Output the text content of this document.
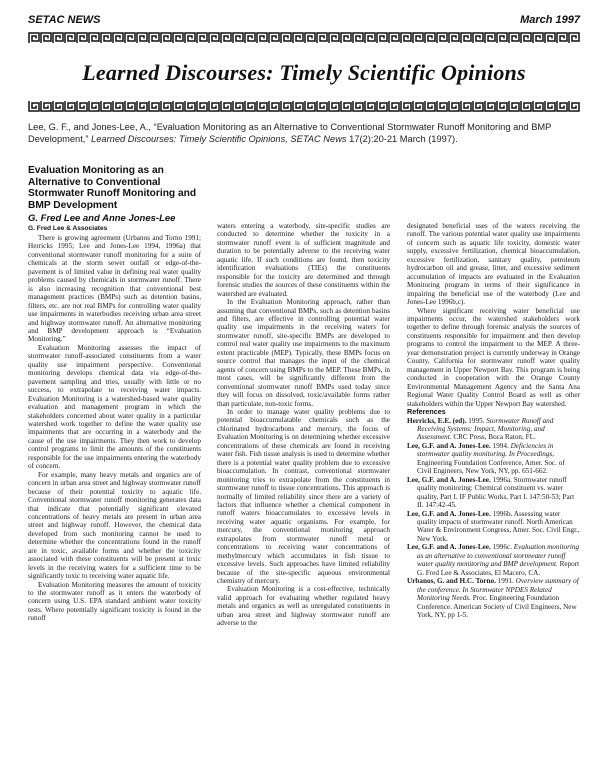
SETAC NEWS	March 1997
Learned Discourses: Timely Scientific Opinions
Lee, G. F., and Jones-Lee, A., “Evaluation Monitoring as an Alternative to Conventional Stormwater Runoff Monitoring and BMP Development,” Learned Discourses: Timely Scientific Opinions, SETAC News 17(2):20-21 March (1997).
Evaluation Monitoring as an Alternative to Conventional Stormwater Runoff Monitoring and BMP Development
G. Fred Lee and Anne Jones-Lee
G. Fred Lee & Associates

There is growing agreement (Urbanos and Torno 1991; Herricks 1995; Lee and Jones-Lee 1994, 1996a) that conventional stormwater runoff monitoring for a suite of chemicals at the storm sewer outfall or edge-of-the-pavement is of limited value in defining real water quality problems caused by chemicals in stormwater runoff. There is also increasing recognition that conventional best management practices (BMPs) such as detention basins, filters, etc. are not real BMPs for controlling water quality use impairments in waterbodies receiving urban area street and highway stormwater runoff. An alternative monitoring and BMP development approach is “Evaluation Monitoring.”

Evaluation Monitoring assesses the impact of stormwater runoff-associated constituents from a water quality use impairment perspective. Conventional monitoring develops chemical data via edge-of-the-pavement sampling and tries, usually with little or no success, to extrapolate to receiving water impacts. Evaluation Monitoring is a watershed-based water quality evaluation and management program in which the stakeholders concerned about water quality in a particular watershed work together to define the water quality use impairments that are occurring in a waterbody and the cause of the use impairments. They then work to develop control programs to limit the amounts of the constituents responsible for the use impairments entering the waterbody of concern.

For example, many heavy metals and organics are of concern in urban area street and highway stormwater runoff because of their potential toxicity to aquatic life. Conventional stormwater runoff monitoring generates data that indicate that potentially significant elevated concentrations of heavy metals are present in urban area street and highway runoff. However, the chemical data developed from such monitoring cannot be used to determine whether the concentrations found in the runoff are in toxic, available forms and whether the toxicity associated with these constituents will be present at toxic levels in the receiving waters for a sufficient time to be significantly toxic to receiving water aquatic life.

Evaluation Monitoring measures the amount of toxicity to the stormwater runoff as it enters the waterbody of concern using U.S. EPA standard ambient water toxicity tests. Where potentially significant toxicity is found in the runoff

waters entering a waterbody, site-specific studies are conducted to determine whether the toxicity in a stormwater runoff event is of sufficient magnitude and duration to be potentially adverse to the receiving water aquatic life. If such conditions are found, then toxicity identification evaluations (TIEs) the constituents responsible for the toxicity are determined and through forensic studies the sources of these constituents within the watershed are evaluated.

In the Evaluation Monitoring approach, rather than assuming that conventional BMPs, such as detention basins and filters, are effective in controlling potential water quality use impairments in the receiving waters for stormwater runoff, site-specific BMPs are developed to control real water quality use impairments to the maximum extent practicable (MEP). Typically, these BMPs focus on source control that manages the input of the chemical agents of concern using BMPs to the MEP. These BMPs, in most cases, will be significantly different from the conventional stormwater runoff BMPs used today since they will focus on dissolved, toxic/available forms rather than particulate, non-toxic forms.

In order to manage water quality problems due to potential bioaccumulatable chemicals such as the chlorinated hydrocarbons and mercury, the focus of Evaluation Monitoring is on determining whether excessive concentrations of these chemicals are found in receiving water fish. Fish tissue analysis is used to determine whether there is a potential water quality problem due to excessive bioaccumulation. In contrast, conventional stormwater monitoring tries to extrapolate from the constituents in stormwater runoff to tissue concentrations. This approach is normally of limited reliability since there are a variety of factors that influence whether a chemical component in runoff waters bioaccumulates to excessive levels in receiving water aquatic organisms. For example, for mercury, the conventional monitoring approach extrapolates from stormwater runoff metal or concentrations to receiving water concentrations of methylmercury which accumulates in fish tissue to excessive levels. Such approaches have limited reliability because of the site-specific aqueous environmental chemistry of mercury.

Evaluation Monitoring is a cost-effective, technically valid approach for evaluating whether regulated heavy metals and organics as well as unregulated constituents in urban area street and highway stormwater runoff are adverse to the

designated beneficial uses of the waters receiving the runoff. The various potential water quality use impairments of concern such as aquatic life toxicity, domestic water supply, excessive fertilization, chemical bioaccumulation, excessive fertilization, sanitary quality, petroleum hydrocarbon oil and grease, litter, and excessive sediment accumulation of impacts are evaluated in the Evaluation Monitoring program in terms of their significance in impairing the beneficial use of the waterbody (Lee and Jones-Lee 1996b,c).

Where significant receiving water beneficial use impairments occur, the watershed stakeholders work together to define through forensic analysis the sources of constituents responsible for impairment and then develop programs to control the impairment to the MEP. A three-year demonstration project is currently underway in Orange County, California for stormwater runoff water quality management in Upper Newport Bay. This program is being conducted in cooperation with the Orange County Environmental Management Agency and the Santa Ana Regional Water Quality Control Board as well as other stakeholders within the Upper Newport Bay watershed.

References

Herricks, E.E. (ed). 1995. Stormwater Runoff and Receiving Systems: Impact, Monitoring, and Assessment. CRC Press, Boca Raton, FL.

Lee, G.F. and A. Jones-Lee. 1994. Deficiencies in stormwater quality monitoring. In Proceedings, Engineering Foundation Conference, Amer. Soc. of Civil Engineers, New York, NY, pp. 651-662.

Lee, G.F. and A. Jones-Lee. 1996a. Stormwater runoff quality monitoring: Chemical constituent vs. water quality, Part I. IF Public Works, Part I. 147:50-53; Part II. 147:42-45.

Lee, G.F. and A. Jones-Lee. 1996b. Assessing water quality impacts of stormwater runoff. North American Water & Environment Congress, Amer. Soc. Civil Engr., New York.

Lee, G.F. and A. Jones-Lee. 1996c. Evaluation monitoring as an alternative to conventional stormwater runoff water quality monitoring and BMP development. Report G. Fred Lee & Associates, El Macero, CA.

Urbanos, G. and H.C. Torno. 1991. Overview summary of the conference. In Stormwater NPDES Related Monitoring Needs. Proc. Engineering Foundation Conference. American Society of Civil Engineers, New York, NY, pp 1-5.
